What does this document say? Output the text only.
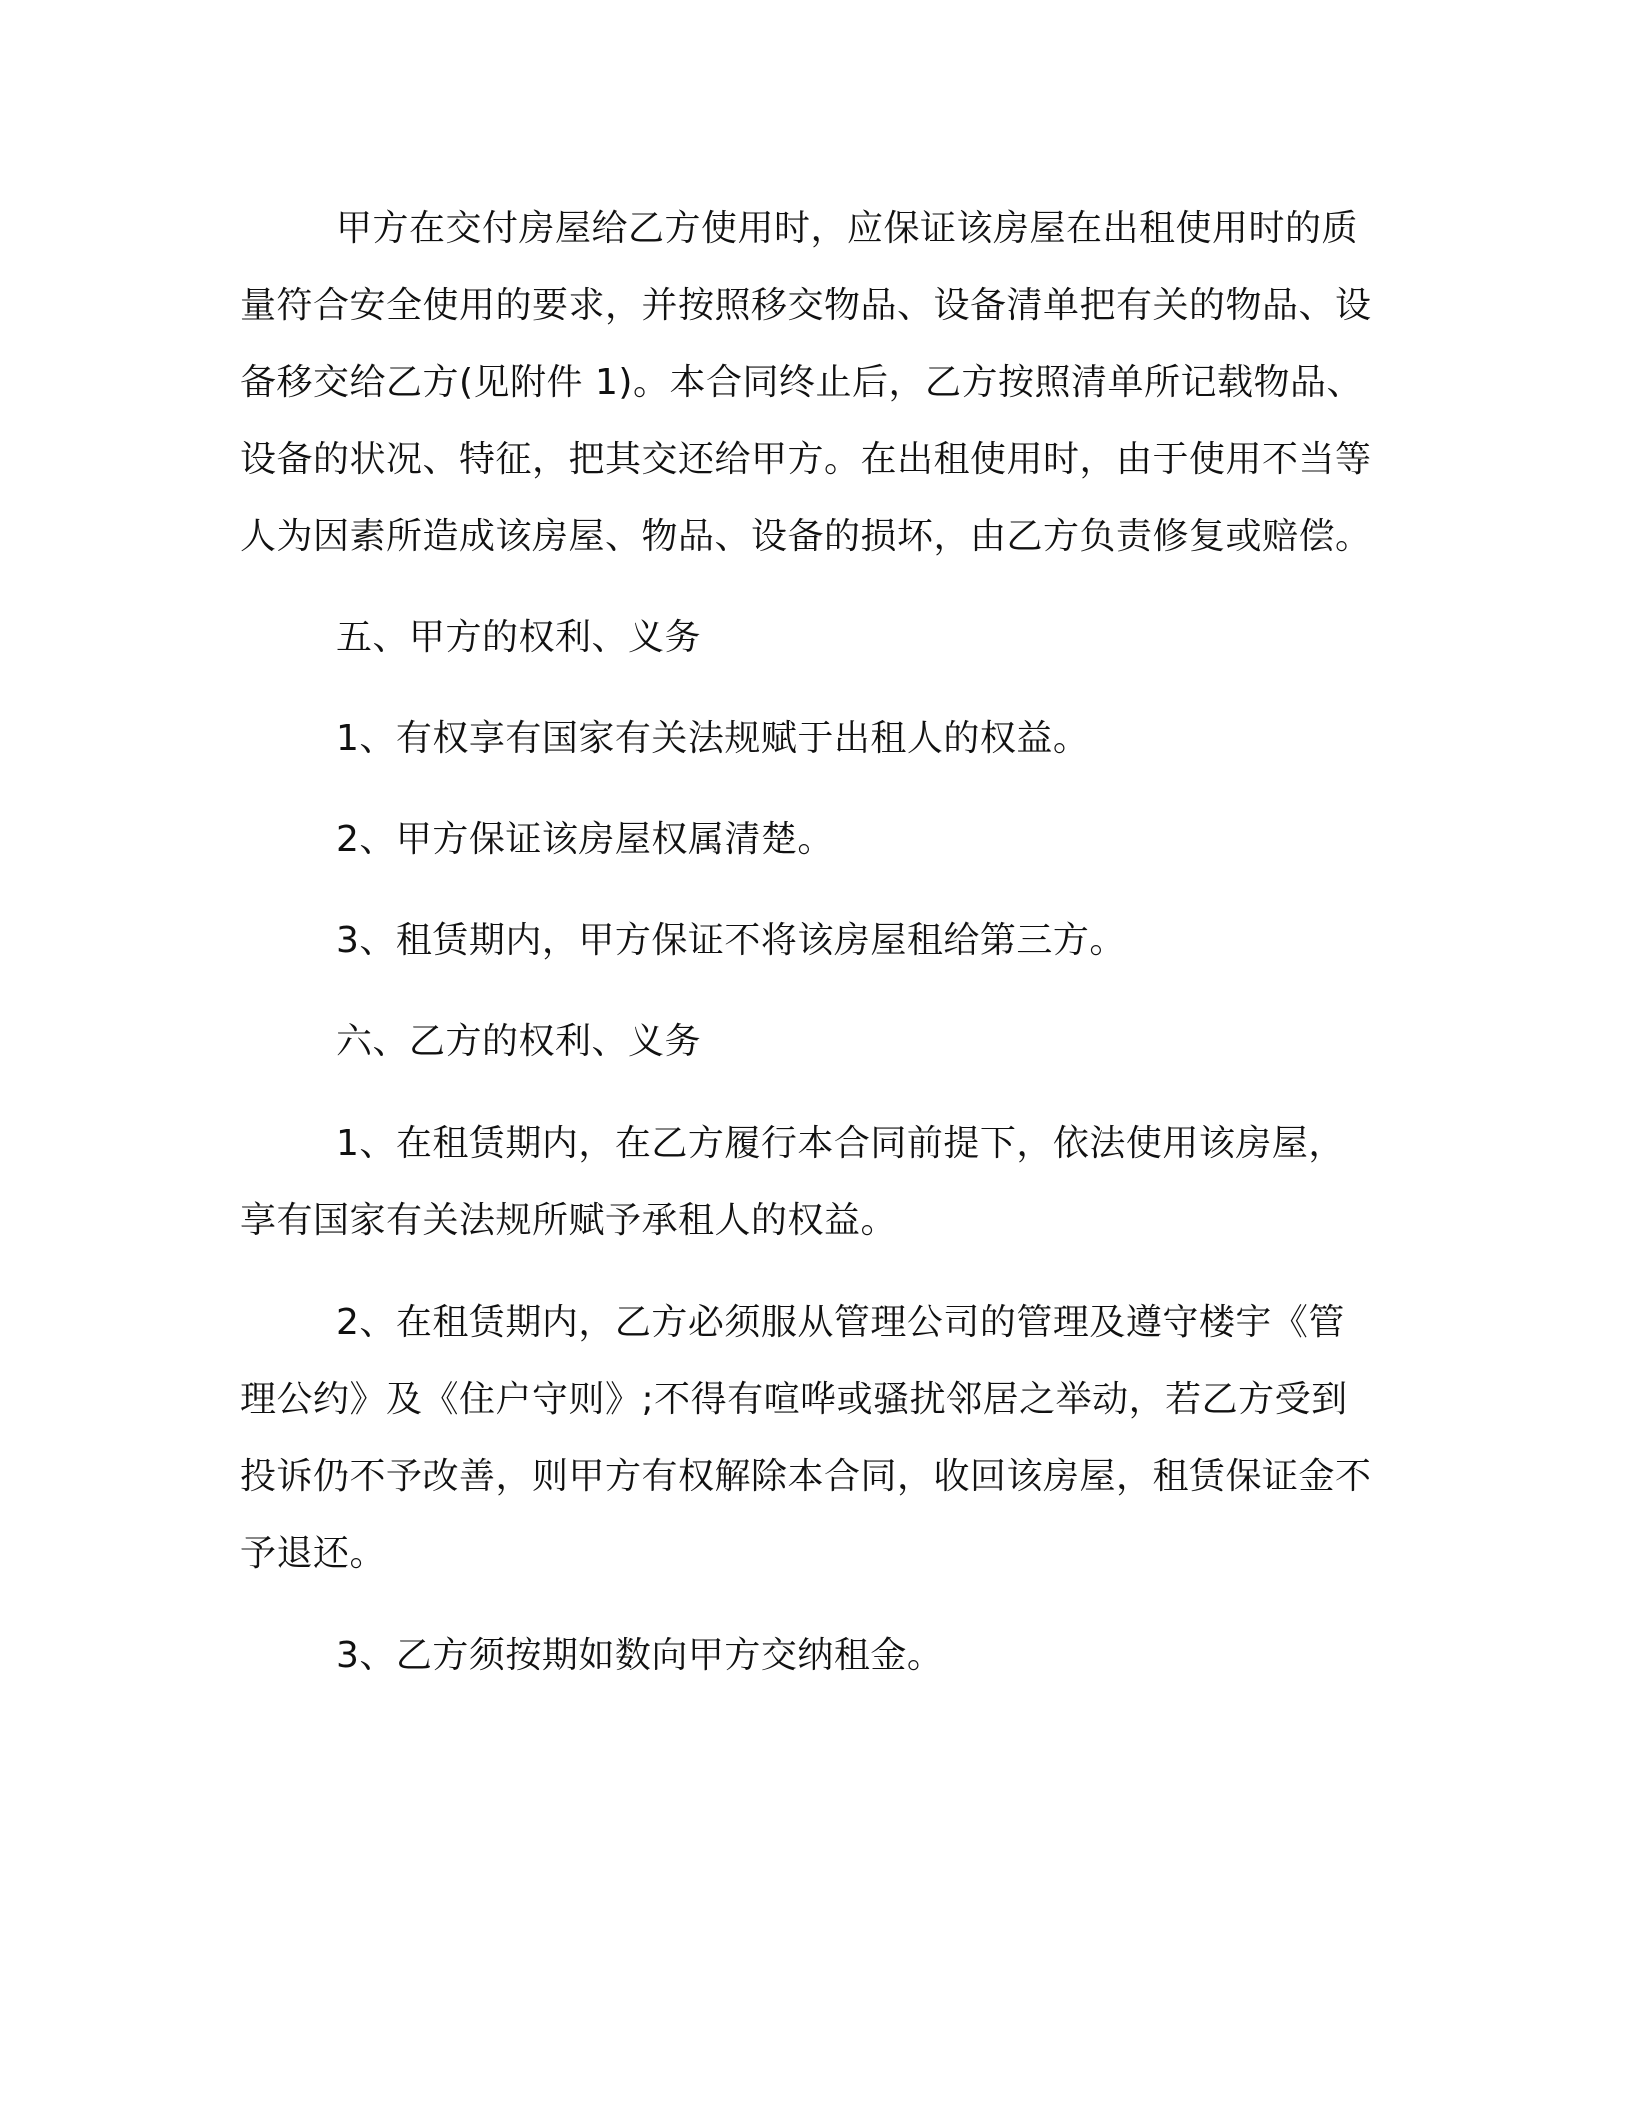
甲方在交付房屋给乙方使用时，应保证该房屋在出租使用时的质量符合安全使用的要求，并按照移交物品、设备清单把有关的物品、设备移交给乙方(见附件 1)。本合同终止后，乙方按照清单所记载物品、设备的状况、特征，把其交还给甲方。在出租使用时，由于使用不当等人为因素所造成该房屋、物品、设备的损坏，由乙方负责修复或赔偿。

五、甲方的权利、义务

1、有权享有国家有关法规赋于出租人的权益。

2、甲方保证该房屋权属清楚。

3、租赁期内，甲方保证不将该房屋租给第三方。

六、乙方的权利、义务

1、在租赁期内，在乙方履行本合同前提下，依法使用该房屋，享有国家有关法规所赋予承租人的权益。

2、在租赁期内，乙方必须服从管理公司的管理及遵守楼宇《管理公约》及《住户守则》;不得有喧哗或骚扰邻居之举动，若乙方受到投诉仍不予改善，则甲方有权解除本合同，收回该房屋，租赁保证金不予退还。

3、乙方须按期如数向甲方交纳租金。
